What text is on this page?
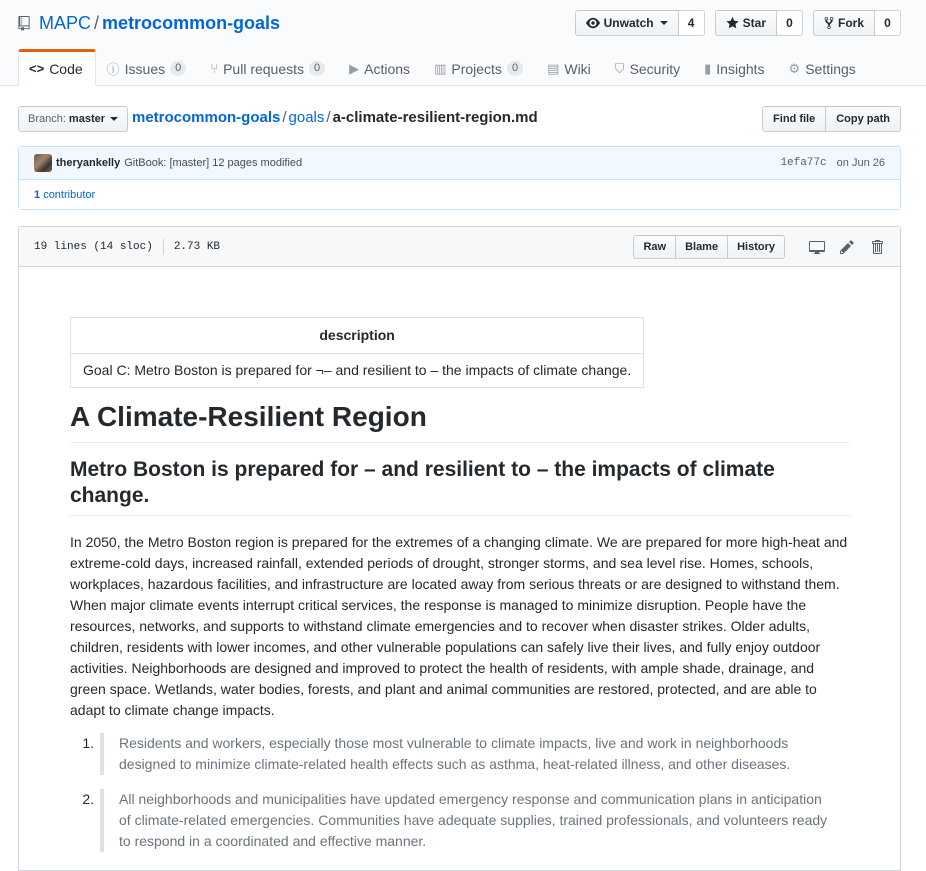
MAPC / metrocommon-goals	Unwatch	4	Star	0	Fork	0
<> Code ⓘ Issues 0	⑂ Pull requests 0	▶ Actions ▥ Projects 0	▤ Wiki ⛉ Security ▮ Insights ⚙ Settings
Branch: master metrocommon-goals / goals / a-climate-resilient-region.md	Find file	Copy path
theryankelly GitBook: [master] 12 pages modified	1efa77c on Jun 26
1 contributor
19 lines (14 sloc) 2.73 KB	Raw	Blame	History
description
Goal C: Metro Boston is prepared for ¬– and resilient to – the impacts of climate change.
A Climate-Resilient Region
Metro Boston is prepared for – and resilient to – the impacts of climate change.

In 2050, the Metro Boston region is prepared for the extremes of a changing climate. We are prepared for more high-heat and extreme-cold days, increased rainfall, extended periods of drought, stronger storms, and sea level rise. Homes, schools, workplaces, hazardous facilities, and infrastructure are located away from serious threats or are designed to withstand them. When major climate events interrupt critical services, the response is managed to minimize disruption. People have the resources, networks, and supports to withstand climate emergencies and to recover when disaster strikes. Older adults, children, residents with lower incomes, and other vulnerable populations can safely live their lives, and fully enjoy outdoor activities. Neighborhoods are designed and improved to protect the health of residents, with ample shade, drainage, and green space. Wetlands, water bodies, forests, and plant and animal communities are restored, protected, and are able to adapt to climate change impacts.

1. Residents and workers, especially those most vulnerable to climate impacts, live and work in neighborhoods designed to minimize climate-related health effects such as asthma, heat-related illness, and other diseases.
2. All neighborhoods and municipalities have updated emergency response and communication plans in anticipation of climate-related emergencies. Communities have adequate supplies, trained professionals, and volunteers ready to respond in a coordinated and effective manner.
